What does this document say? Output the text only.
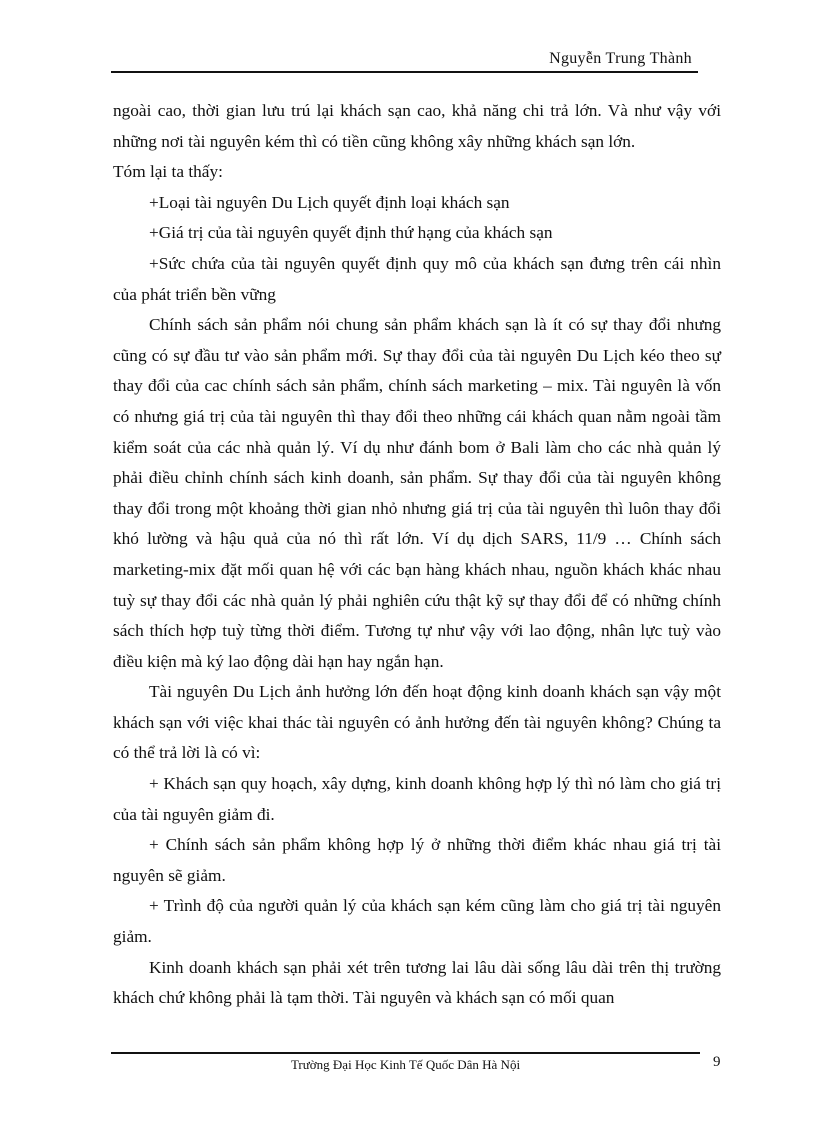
Nguyễn Trung Thành

ngoài cao, thời gian lưu trú lại khách sạn cao, khả năng chi trả lớn. Và như vậy với những nơi tài nguyên kém thì có tiền cũng không xây những khách sạn lớn.

Tóm lại ta thấy:

+Loại tài nguyên Du Lịch quyết định loại khách sạn

+Giá trị của tài nguyên quyết định thứ hạng của khách sạn

+Sức chứa của tài nguyên quyết định quy mô của khách sạn đưng trên cái nhìn của phát triển bền vững

Chính sách sản phẩm nói chung sản phẩm khách sạn là ít có sự thay đổi nhưng cũng có sự đầu tư vào sản phẩm mới. Sự thay đổi của tài nguyên Du Lịch kéo theo sự thay đổi của cac chính sách sản phẩm, chính sách marketing – mix. Tài nguyên là vốn có nhưng giá trị của tài nguyên thì thay đổi theo những cái khách quan nằm ngoài tầm kiểm soát của các nhà quản lý. Ví dụ như đánh bom ở Bali làm cho các nhà quản lý phải điều chỉnh chính sách kinh doanh, sản phẩm. Sự thay đổi của tài nguyên không thay đổi trong một khoảng thời gian nhỏ nhưng giá trị của tài nguyên thì luôn thay đổi khó lường và hậu quả của nó thì rất lớn. Ví dụ dịch SARS, 11/9 … Chính sách marketing-mix đặt mối quan hệ với các bạn hàng khách nhau, nguồn khách khác nhau tuỳ sự thay đổi các nhà quản lý phải nghiên cứu thật kỹ sự thay đổi để có những chính sách thích hợp tuỳ từng thời điểm. Tương tự như vậy với lao động, nhân lực tuỳ vào điều kiện mà ký lao động dài hạn hay ngắn hạn.

Tài nguyên Du Lịch ảnh hưởng lớn đến hoạt động kinh doanh khách sạn vậy một khách sạn với việc khai thác tài nguyên có ảnh hưởng đến tài nguyên không? Chúng ta có thể trả lời là có vì:

+ Khách sạn quy hoạch, xây dựng, kinh doanh không hợp lý thì nó làm cho giá trị của tài nguyên giảm đi.

+ Chính sách sản phẩm không hợp lý ở những thời điểm khác nhau giá trị tài nguyên sẽ giảm.

+ Trình độ của người quản lý của khách sạn kém cũng làm cho giá trị tài nguyên giảm.

Kinh doanh khách sạn phải xét trên tương lai lâu dài sống lâu dài trên thị trường khách chứ không phải là tạm thời. Tài nguyên và khách sạn có mối quan

Trường Đại Học Kinh Tế Quốc Dân Hà Nội	9
